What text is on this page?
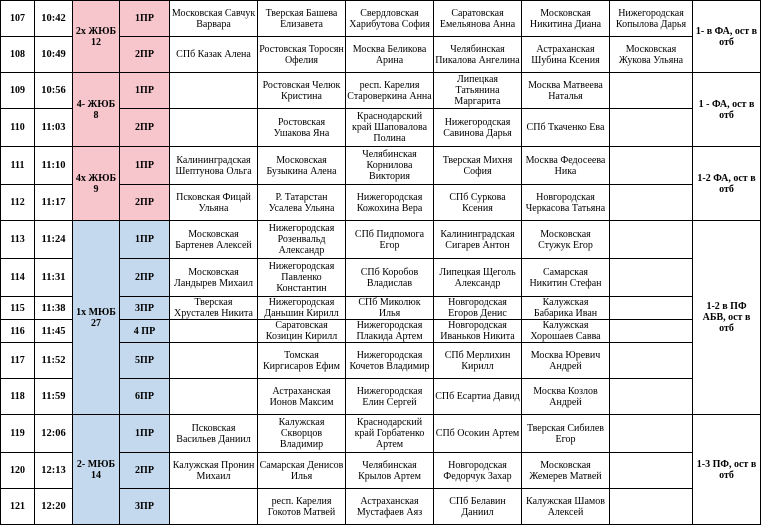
107	10:42	2x ЖЮБ 12	1ПР	Московская Савчук Варвара	Тверская Башева Елизавета	Свердловская Харибутова София	Саратовская Емельянова Анна	Московская Никитина Диана	Нижегородская Копылова Дарья	1- в ФА, ост в отб
108	10:49		2ПР	СПб Казак Алена	Ростовская Торосян Офелия	Москва Беликова Арина	Челябинская Пикалова Ангелина	Астраханская Шубина Ксения	Московская Жукова Ульяна	
109	10:56	4- ЖЮБ 8	1ПР		Ростовская Челюк Кристина	респ. Карелия Староверкина Анна	Липецкая Татьянина Маргарита	Москва Матвеева Наталья		1 - ФА, ост в отб
110	11:03		2ПР		Ростовская Ушакова Яна	Краснодарский край Шаповалова Полина	Нижегородская Савинова Дарья	СПб Ткаченко Ева		
111	11:10	4x ЖЮБ 9	1ПР	Калининградская Шептунова Ольга	Московская Бузыкина Алена	Челябинская Корнилова Виктория	Тверская Михня София	Москва Федосеева Ника		1-2 ФА, ост в отб
112	11:17		2ПР	Псковская Фицай Ульяна	Р. Татарстан Усалева Ульяна	Нижегородская Кожохина Вера	СПб Суркова Ксения	Новгородская Черкасова Татьяна		
113	11:24	1x МЮБ 27	1ПР	Московская Бартенев Алексей	Нижегородская Розенвальд Александр	СПб Пидпомога Егор	Калининградская Сигарев Антон	Московская Стужук Егор		1-2 в ПФ АБВ, ост в отб
114	11:31		2ПР	Московская Ландырев Михаил	Нижегородская Павленко Константин	СПб Коробов Владислав	Липецкая Щеголь Александр	Самарская Никитин Стефан		
115	11:38		3ПР	Тверская Хрусталев Никита	Нижегородская Даньшин Кирилл	СПб Миколюк Илья	Новгородская Егоров Денис	Калужская Бабарика Иван		
116	11:45		4 ПР		Саратовская Козицин Кирилл	Нижегородская Плакида Артем	Новгородская Иваньков Никита	Калужская Хорошаев Савва		
117	11:52		5ПР		Томская Киргисаров Ефим	Нижегородская Кочетов Владимир	СПб Мерлихин Кирилл	Москва Юревич Андрей		
118	11:59		6ПР		Астраханская Ионов Максим	Нижегородская Елин Сергей	СПб Есартиа Давид	Москва Козлов Андрей		
119	12:06	2- МЮБ 14	1ПР	Псковская Васильев Даниил	Калужская Скворцов Владимир	Краснодарский край Горбатенко Артем	СПб Осокин Артем	Тверская Сибилев Егор		1-3 ПФ, ост в отб
120	12:13		2ПР	Калужская Пронин Михаил	Самарская Денисов Илья	Челябинская Крылов Артем	Новгородская Федорчук Захар	Московская Жемерев Матвей		
121	12:20		3ПР		респ. Карелия Гокотов Матвей	Астраханская Мустафаев Аяз	СПб Белавин Даниил	Калужская Шамов Алексей		
